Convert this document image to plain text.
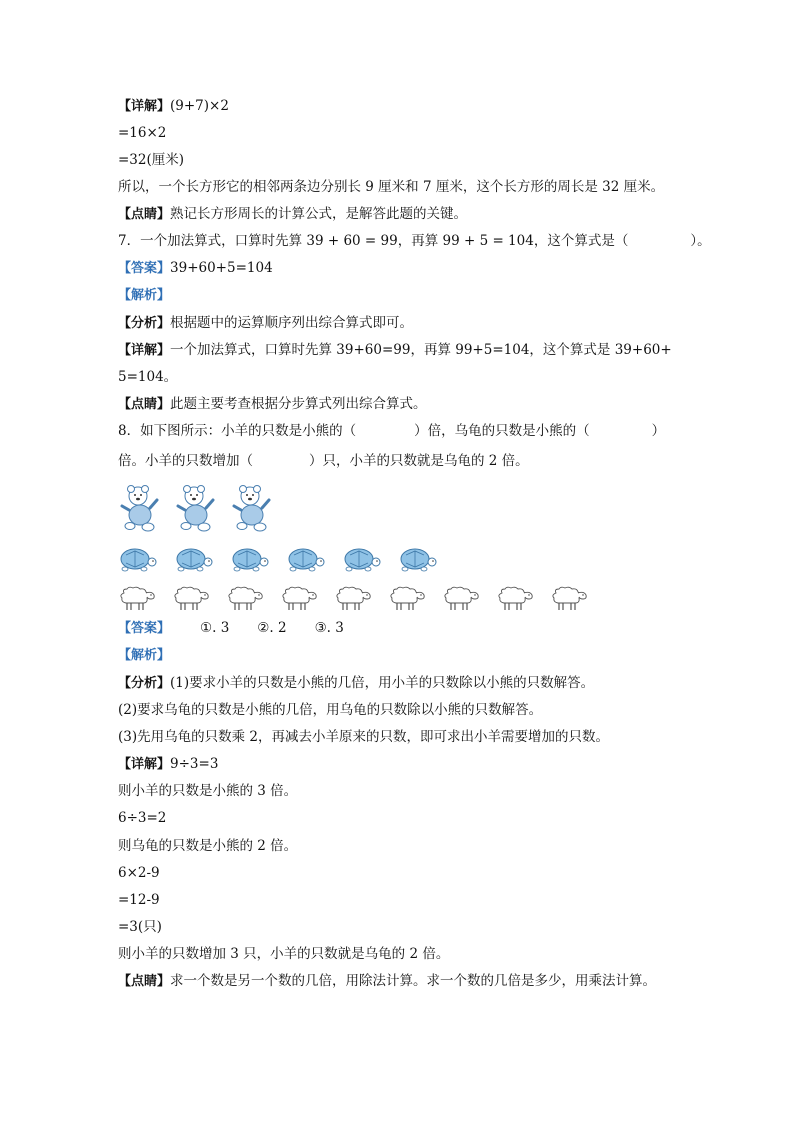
【详解】(9+7)×2
=16×2
=32(厘米)
所以，一个长方形它的相邻两条边分别长 9 厘米和 7 厘米，这个长方形的周长是 32 厘米。
【点睛】熟记长方形周长的计算公式，是解答此题的关键。
7．一个加法算式，口算时先算 39 + 60 = 99，再算 99 + 5 = 104，这个算式是（	）。
【答案】39+60+5=104
【解析】
【分析】根据题中的运算顺序列出综合算式即可。
【详解】一个加法算式，口算时先算 39+60=99，再算 99+5=104，这个算式是 39+60+
5=104。
【点睛】此题主要考查根据分步算式列出综合算式。
8．如下图所示：小羊的只数是小熊的（	）倍，乌龟的只数是小熊的（	）
倍。小羊的只数增加（	）只，小羊的只数就是乌龟的 2 倍。
【答案】 ①. 3 ②. 2 ③. 3
【解析】
【分析】(1)要求小羊的只数是小熊的几倍，用小羊的只数除以小熊的只数解答。
(2)要求乌龟的只数是小熊的几倍，用乌龟的只数除以小熊的只数解答。
(3)先用乌龟的只数乘 2，再减去小羊原来的只数，即可求出小羊需要增加的只数。
【详解】9÷3=3
则小羊的只数是小熊的 3 倍。
6÷3=2
则乌龟的只数是小熊的 2 倍。
6×2-9
=12-9
=3(只)
则小羊的只数增加 3 只，小羊的只数就是乌龟的 2 倍。
【点睛】求一个数是另一个数的几倍，用除法计算。求一个数的几倍是多少，用乘法计算。
